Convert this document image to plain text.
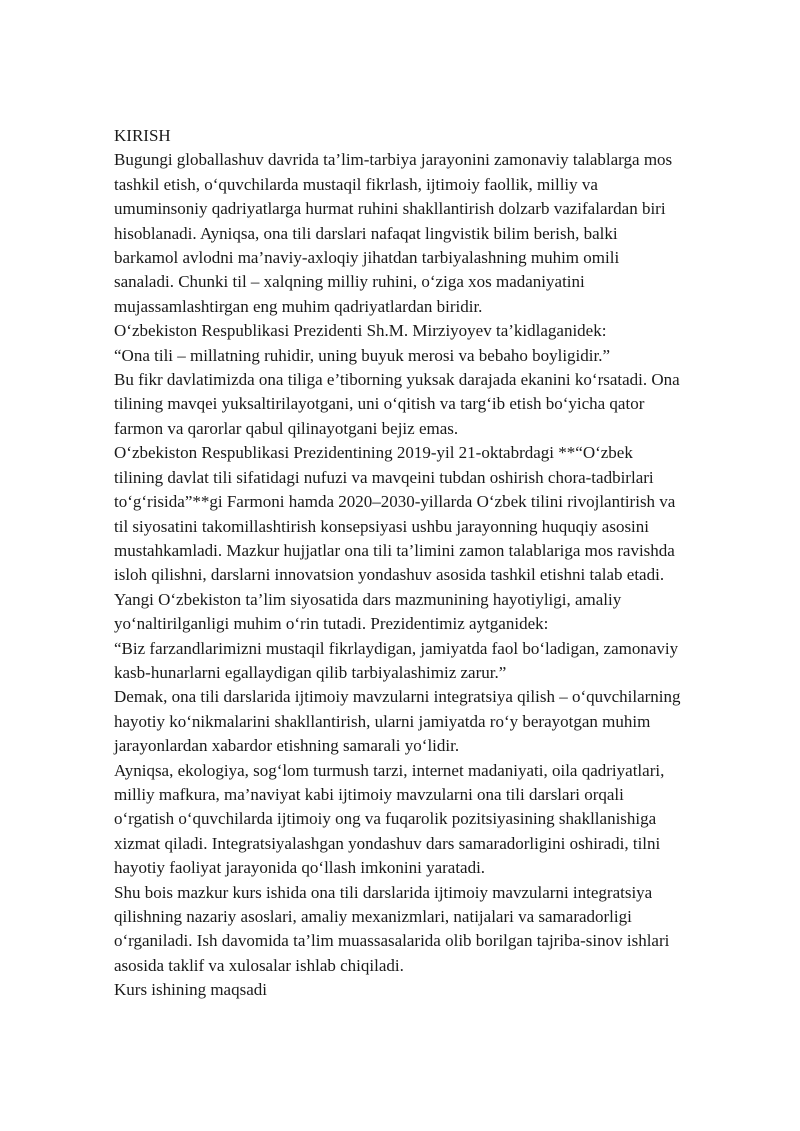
KIRISH
Bugungi globallashuv davrida ta’lim-tarbiya jarayonini zamonaviy talablarga mos
tashkil etish, o‘quvchilarda mustaqil fikrlash, ijtimoiy faollik, milliy va
umuminsoniy qadriyatlarga hurmat ruhini shakllantirish dolzarb vazifalardan biri
hisoblanadi. Ayniqsa, ona tili darslari nafaqat lingvistik bilim berish, balki
barkamol avlodni ma’naviy-axloqiy jihatdan tarbiyalashning muhim omili
sanaladi. Chunki til – xalqning milliy ruhini, o‘ziga xos madaniyatini
mujassamlashtirgan eng muhim qadriyatlardan biridir.
O‘zbekiston Respublikasi Prezidenti Sh.M. Mirziyoyev ta’kidlaganidek:
“Ona tili – millatning ruhidir, uning buyuk merosi va bebaho boyligidir.”
Bu fikr davlatimizda ona tiliga e’tiborning yuksak darajada ekanini ko‘rsatadi. Ona
tilining mavqei yuksaltirilayotgani, uni o‘qitish va targ‘ib etish bo‘yicha qator
farmon va qarorlar qabul qilinayotgani bejiz emas.
O‘zbekiston Respublikasi Prezidentining 2019-yil 21-oktabrdagi **“O‘zbek
tilining davlat tili sifatidagi nufuzi va mavqeini tubdan oshirish chora-tadbirlari
to‘g‘risida”**gi Farmoni hamda 2020–2030-yillarda O‘zbek tilini rivojlantirish va
til siyosatini takomillashtirish konsepsiyasi ushbu jarayonning huquqiy asosini
mustahkamladi. Mazkur hujjatlar ona tili ta’limini zamon talablariga mos ravishda
isloh qilishni, darslarni innovatsion yondashuv asosida tashkil etishni talab etadi.
Yangi O‘zbekiston ta’lim siyosatida dars mazmunining hayotiyligi, amaliy
yo‘naltirilganligi muhim o‘rin tutadi. Prezidentimiz aytganidek:
“Biz farzandlarimizni mustaqil fikrlaydigan, jamiyatda faol bo‘ladigan, zamonaviy
kasb-hunarlarni egallaydigan qilib tarbiyalashimiz zarur.”
Demak, ona tili darslarida ijtimoiy mavzularni integratsiya qilish – o‘quvchilarning
hayotiy ko‘nikmalarini shakllantirish, ularni jamiyatda ro‘y berayotgan muhim
jarayonlardan xabardor etishning samarali yo‘lidir.
Ayniqsa, ekologiya, sog‘lom turmush tarzi, internet madaniyati, oila qadriyatlari,
milliy mafkura, ma’naviyat kabi ijtimoiy mavzularni ona tili darslari orqali
o‘rgatish o‘quvchilarda ijtimoiy ong va fuqarolik pozitsiyasining shakllanishiga
xizmat qiladi. Integratsiyalashgan yondashuv dars samaradorligini oshiradi, tilni
hayotiy faoliyat jarayonida qo‘llash imkonini yaratadi.
Shu bois mazkur kurs ishida ona tili darslarida ijtimoiy mavzularni integratsiya
qilishning nazariy asoslari, amaliy mexanizmlari, natijalari va samaradorligi
o‘rganiladi. Ish davomida ta’lim muassasalarida olib borilgan tajriba-sinov ishlari
asosida taklif va xulosalar ishlab chiqiladi.
Kurs ishining maqsadi
